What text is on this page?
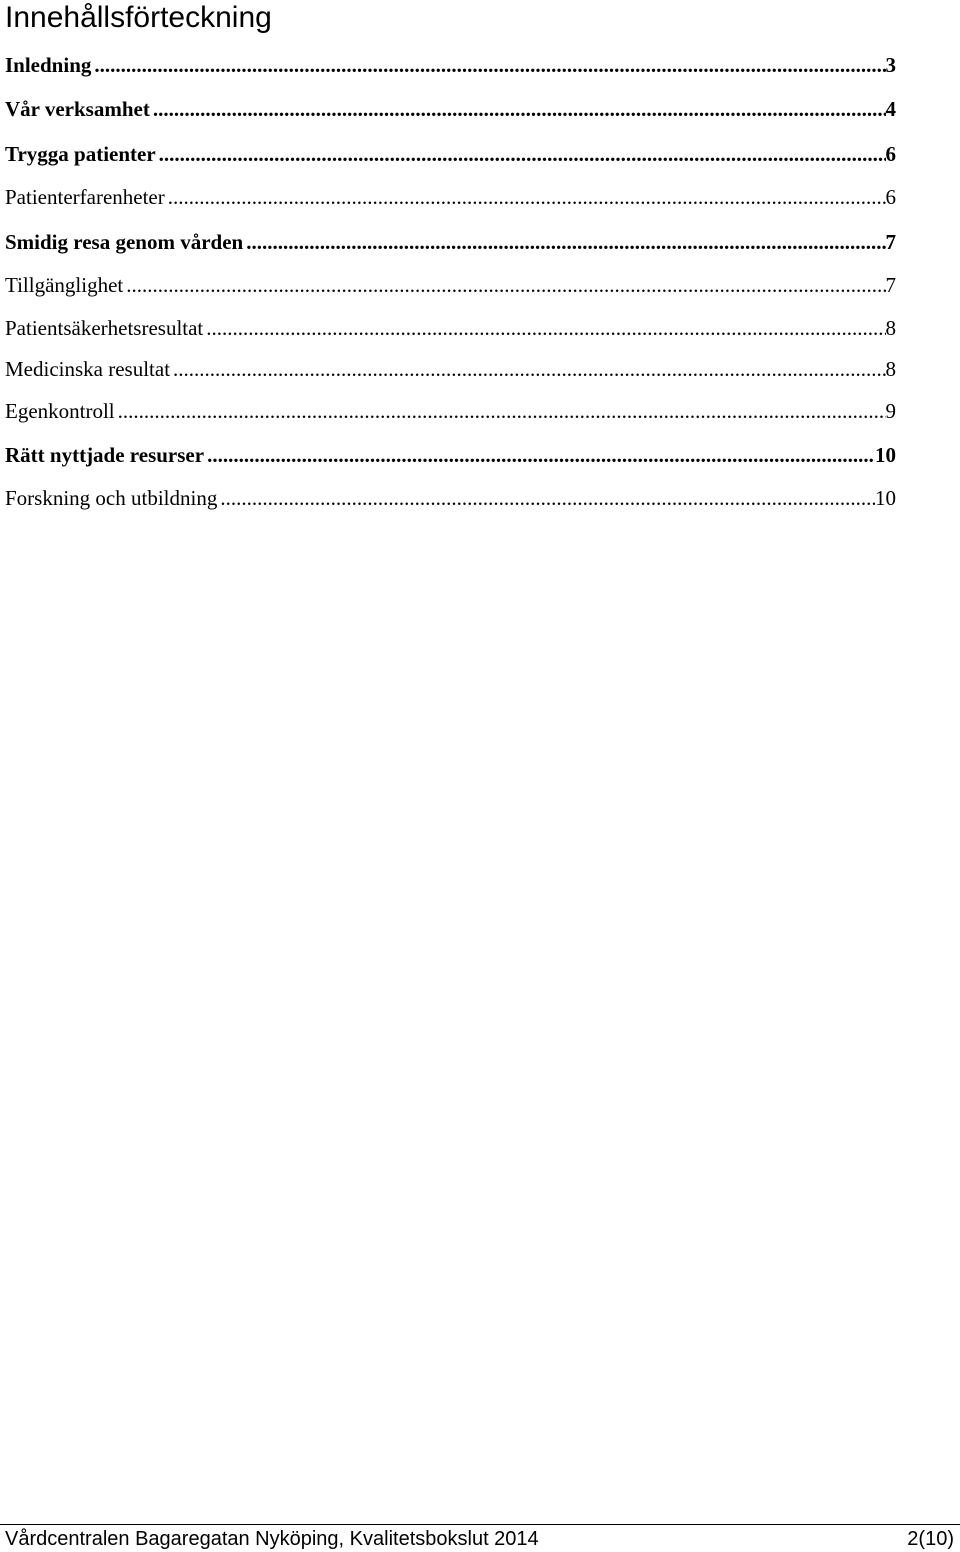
Innehållsförteckning
Inledning .....	3
Vår verksamhet .....	4
Trygga patienter .....	6
Patienterfarenheter .....	6
Smidig resa genom vården .....	7
Tillgänglighet .....	7
Patientsäkerhetsresultat .....	8
Medicinska resultat .....	8
Egenkontroll .....	9
Rätt nyttjade resurser .....	10
Forskning och utbildning .....	10
Vårdcentralen Bagaregatan Nyköping, Kvalitetsbokslut 2014	2(10)
